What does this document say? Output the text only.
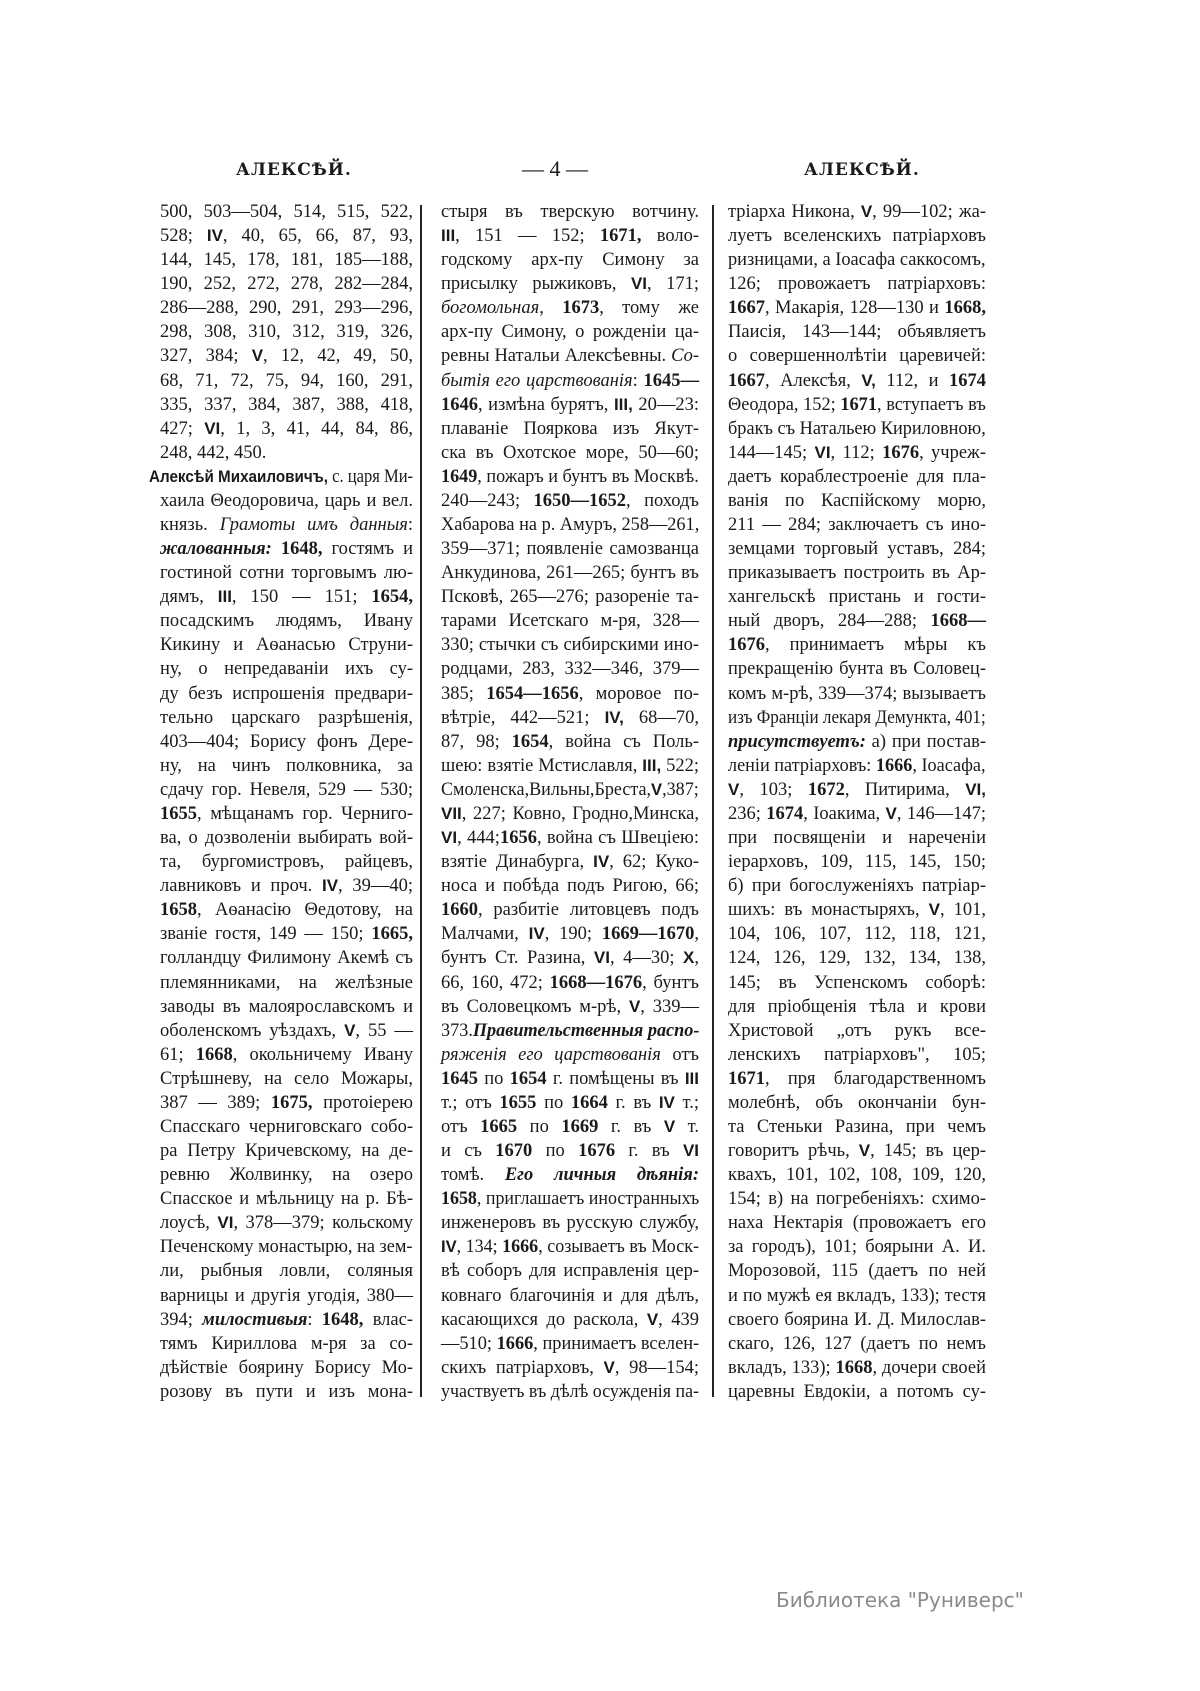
АЛЕКСѢЙ.	— 4 —	АЛЕКСѢЙ.
500, 503—504, 514, 515, 522,
528; IV, 40, 65, 66, 87, 93,
144, 145, 178, 181, 185—188,
190, 252, 272, 278, 282—284,
286—288, 290, 291, 293—296,
298, 308, 310, 312, 319, 326,
327, 384; V, 12, 42, 49, 50,
68, 71, 72, 75, 94, 160, 291,
335, 337, 384, 387, 388, 418,
427; VI, 1, 3, 41, 44, 84, 86,
248, 442, 450.
Алексѣй Михаиловичъ, с. царя Ми-
хаила Θеодоровича, царь и вел.
князь. Грамоты имъ данныя:
жалованныя: 1648, гостямъ и
гостиной сотни торговымъ лю-
дямъ, III, 150 — 151; 1654,
посадскимъ людямъ, Ивану
Кикину и Аѳанасью Струни-
ну, о непредаваніи ихъ су-
ду безъ испрошенія предвари-
тельно царскаго разрѣшенія,
403—404; Борису фонъ Дере-
ну, на чинъ полковника, за
сдачу гор. Невеля, 529 — 530;
1655, мѣщанамъ гор. Черниго-
ва, о дозволеніи выбирать вой-
та, бургомистровъ, райцевъ,
лавниковъ и проч. IV, 39—40;
1658, Аѳанасію Θедотову, на
званіе гостя, 149 — 150; 1665,
голландцу Филимону Акемѣ съ
племянниками, на желѣзные
заводы въ малоярославскомъ и
оболенскомъ уѣздахъ, V, 55 —
61; 1668, окольничему Ивану
Стрѣшневу, на село Можары,
387 — 389; 1675, протоіерею
Спасскаго черниговскаго собо-
ра Петру Кричевскому, на де-
ревню Жолвинку, на озеро
Спасское и мѣльницу на р. Бѣ-
лоусѣ, VI, 378—379; кольскому
Печенскому монастырю, на зем-
ли, рыбныя ловли, соляныя
варницы и другія угодія, 380—
394; милостивыя: 1648, влас-
тямъ Кириллова м-ря за со-
дѣйствіе боярину Борису Мо-
розову въ пути и изъ мона-
стыря въ тверскую вотчину.
III, 151 — 152; 1671, воло-
годскому арх-пу Симону за
присылку рыжиковъ, VI, 171;
богомольная, 1673, тому же
арх-пу Симону, о рожденіи ца-
ревны Натальи Алексѣевны. Со-
бытія его царствованія: 1645—
1646, измѣна бурятъ, III, 20—23:
плаваніе Пояркова изъ Якут-
ска въ Охотское море, 50—60;
1649, пожаръ и бунтъ въ Москвѣ.
240—243; 1650—1652, походъ
Хабарова на р. Амуръ, 258—261,
359—371; появленіе самозванца
Анкудинова, 261—265; бунтъ въ
Псковѣ, 265—276; разореніе та-
тарами Исетскаго м-ря, 328—
330; стычки съ сибирскими ино-
родцами, 283, 332—346, 379—
385; 1654—1656, моровое по-
вѣтріе, 442—521; IV, 68—70,
87, 98; 1654, война съ Поль-
шею: взятіе Мстиславля, III, 522;
Смоленска,Вильны,Бреста,V,387;
VII, 227; Ковно, Гродно,Минска,
VI, 444;1656, война съ Швеціею:
взятіе Динабурга, IV, 62; Куко-
носа и побѣда подъ Ригою, 66;
1660, разбитіе литовцевъ подъ
Малчами, IV, 190; 1669—1670,
бунтъ Ст. Разина, VI, 4—30; X,
66, 160, 472; 1668—1676, бунтъ
въ Соловецкомъ м-рѣ, V, 339—
373.Правительственныя распо-
ряженія его царствованія отъ
1645 по 1654 г. помѣщены въ III
т.; отъ 1655 по 1664 г. въ IV т.;
отъ 1665 по 1669 г. въ V т.
и съ 1670 по 1676 г. въ VI
томѣ. Его личныя дѣянія:
1658, приглашаетъ иностранныхъ
инженеровъ въ русскую службу,
IV, 134; 1666, созываетъ въ Моск-
вѣ соборъ для исправленія цер-
ковнаго благочинія и для дѣлъ,
касающихся до раскола, V, 439
—510; 1666, принимаетъ вселен-
скихъ патріарховъ, V, 98—154;
участвуетъ въ дѣлѣ осужденія па-
тріарха Никона, V, 99—102; жа-
луетъ вселенскихъ патріарховъ
ризницами, а Іоасафа саккосомъ,
126; провожаетъ патріарховъ:
1667, Макарія, 128—130 и 1668,
Паисія, 143—144; объявляетъ
о совершеннолѣтіи царевичей:
1667, Алексѣя, V, 112, и 1674
Θеодора, 152; 1671, вступаетъ въ
бракъ съ Натальею Кириловною,
144—145; VI, 112; 1676, учреж-
даетъ кораблестроеніе для пла-
ванія по Каспійскому морю,
211 — 284; заключаетъ съ ино-
земцами торговый уставъ, 284;
приказываетъ построить въ Ар-
хангельскѣ пристань и гости-
ный дворъ, 284—288; 1668—
1676, принимаетъ мѣры къ
прекращенію бунта въ Соловец-
комъ м-рѣ, 339—374; вызываетъ
изъ Франціи лекаря Демункта, 401;
присутствуетъ: а) при постав-
леніи патріарховъ: 1666, Іоасафа,
V, 103; 1672, Питирима, VI,
236; 1674, Іоакима, V, 146—147;
при посвященіи и нареченіи
іерарховъ, 109, 115, 145, 150;
б) при богослуженіяхъ патріар-
шихъ: въ монастыряхъ, V, 101,
104, 106, 107, 112, 118, 121,
124, 126, 129, 132, 134, 138,
145; въ Успенскомъ соборѣ:
для пріобщенія тѣла и крови
Христовой „отъ рукъ все-
ленскихъ патріарховъ", 105;
1671, пря благодарственномъ
молебнѣ, объ окончаніи бун-
та Стеньки Разина, при чемъ
говоритъ рѣчь, V, 145; въ цер-
квахъ, 101, 102, 108, 109, 120,
154; в) на погребеніяхъ: схимо-
наха Нектарія (провожаетъ его
за городъ), 101; боярыни А. И.
Морозовой, 115 (даетъ по ней
и по мужѣ ея вкладъ, 133); тестя
своего боярина И. Д. Милослав-
скаго, 126, 127 (даетъ по немъ
вкладъ, 133); 1668, дочери своей
царевны Евдокіи, а потомъ су-
Библиотека "Руниверс"
